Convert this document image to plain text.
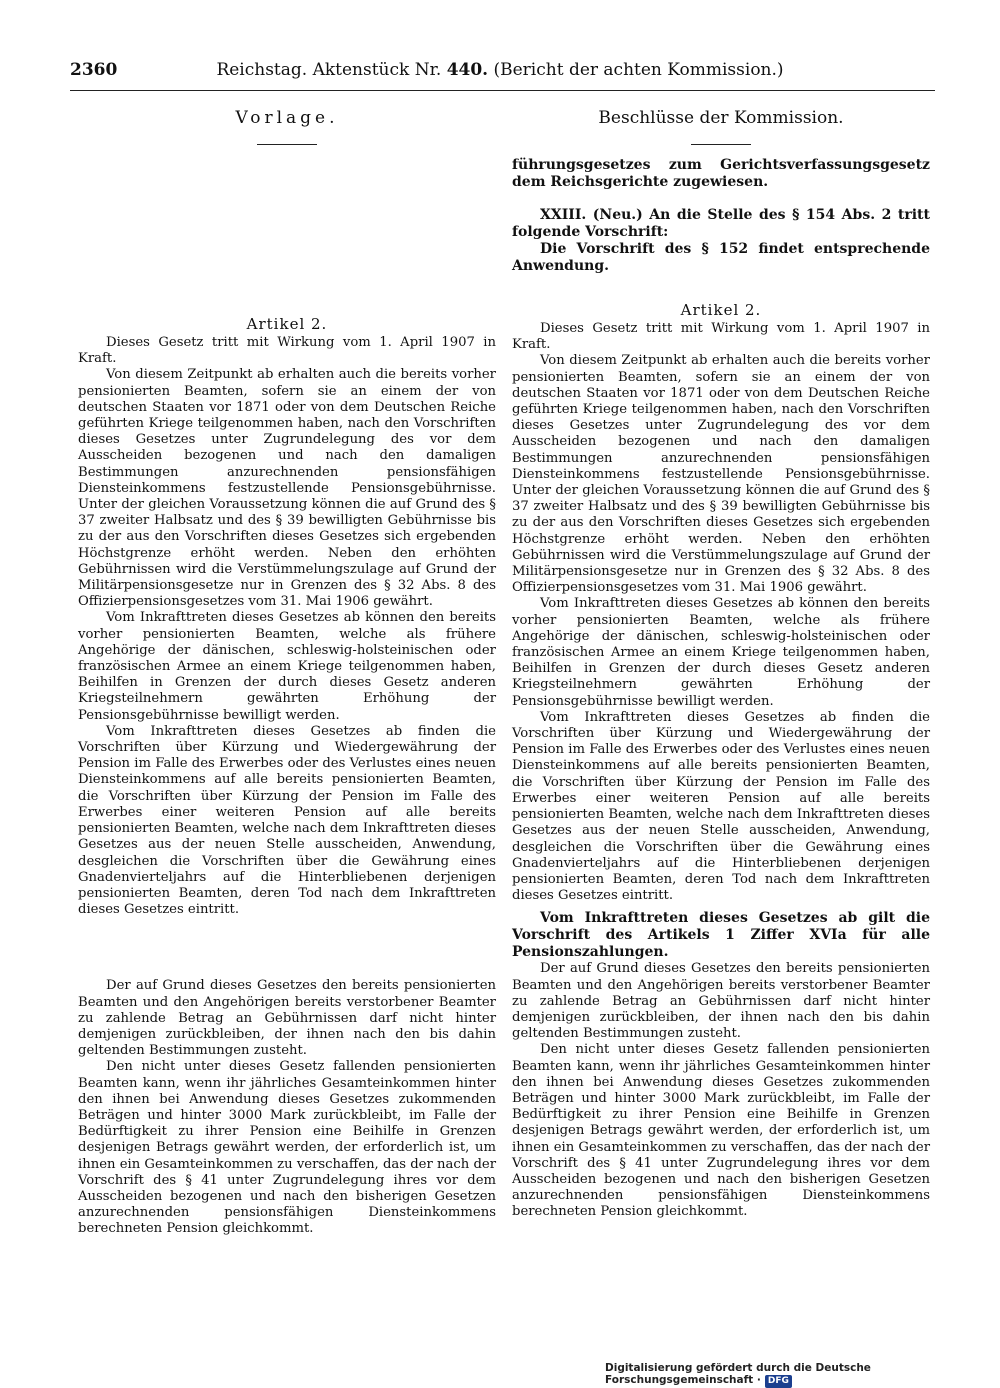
2360	Reichstag. Aktenstück Nr. 440. (Bericht der achten Kommission.)
Vorlage.
Artikel 2.

Dieses Gesetz tritt mit Wirkung vom 1. April 1907 in Kraft.

Von diesem Zeitpunkt ab erhalten auch die bereits vorher pensionierten Beamten, sofern sie an einem der von deutschen Staaten vor 1871 oder von dem Deutschen Reiche geführten Kriege teilgenommen haben, nach den Vorschriften dieses Gesetzes unter Zugrundelegung des vor dem Ausscheiden bezogenen und nach den damaligen Bestimmungen anzurechnenden pensionsfähigen Diensteinkommens festzustellende Pensionsgebührnisse. Unter der gleichen Voraussetzung können die auf Grund des § 37 zweiter Halbsatz und des § 39 bewilligten Gebührnisse bis zu der aus den Vorschriften dieses Gesetzes sich ergebenden Höchstgrenze erhöht werden. Neben den erhöhten Gebührnissen wird die Verstümmelungszulage auf Grund der Militärpensionsgesetze nur in Grenzen des § 32 Abs. 8 des Offizierpensionsgesetzes vom 31. Mai 1906 gewährt.

Vom Inkrafttreten dieses Gesetzes ab können den bereits vorher pensionierten Beamten, welche als frühere Angehörige der dänischen, schleswig-holsteinischen oder französischen Armee an einem Kriege teilgenommen haben, Beihilfen in Grenzen der durch dieses Gesetz anderen Kriegsteilnehmern gewährten Erhöhung der Pensionsgebührnisse bewilligt werden.

Vom Inkrafttreten dieses Gesetzes ab finden die Vorschriften über Kürzung und Wiedergewährung der Pension im Falle des Erwerbes oder des Verlustes eines neuen Diensteinkommens auf alle bereits pensionierten Beamten, die Vorschriften über Kürzung der Pension im Falle des Erwerbes einer weiteren Pension auf alle bereits pensionierten Beamten, welche nach dem Inkrafttreten dieses Gesetzes aus der neuen Stelle ausscheiden, Anwendung, desgleichen die Vorschriften über die Gewährung eines Gnadenvierteljahrs auf die Hinterbliebenen derjenigen pensionierten Beamten, deren Tod nach dem Inkrafttreten dieses Gesetzes eintritt.

Der auf Grund dieses Gesetzes den bereits pensionierten Beamten und den Angehörigen bereits verstorbener Beamter zu zahlende Betrag an Gebührnissen darf nicht hinter demjenigen zurückbleiben, der ihnen nach den bis dahin geltenden Bestimmungen zusteht.

Den nicht unter dieses Gesetz fallenden pensionierten Beamten kann, wenn ihr jährliches Gesamteinkommen hinter den ihnen bei Anwendung dieses Gesetzes zukommenden Beträgen und hinter 3000 Mark zurückbleibt, im Falle der Bedürftigkeit zu ihrer Pension eine Beihilfe in Grenzen desjenigen Betrags gewährt werden, der erforderlich ist, um ihnen ein Gesamteinkommen zu verschaffen, das der nach der Vorschrift des § 41 unter Zugrundelegung ihres vor dem Ausscheiden bezogenen und nach den bisherigen Gesetzen anzurechnenden pensionsfähigen Diensteinkommens berechneten Pension gleichkommt.

Beschlüsse der Kommission.

führungsgesetzes zum Gerichtsverfassungsgesetz dem Reichsgerichte zugewiesen.

XXIII. (Neu.) An die Stelle des § 154 Abs. 2 tritt folgende Vorschrift:

Die Vorschrift des § 152 findet entsprechende Anwendung.

Artikel 2.

Dieses Gesetz tritt mit Wirkung vom 1. April 1907 in Kraft.

Von diesem Zeitpunkt ab erhalten auch die bereits vorher pensionierten Beamten, sofern sie an einem der von deutschen Staaten vor 1871 oder von dem Deutschen Reiche geführten Kriege teilgenommen haben, nach den Vorschriften dieses Gesetzes unter Zugrundelegung des vor dem Ausscheiden bezogenen und nach den damaligen Bestimmungen anzurechnenden pensionsfähigen Diensteinkommens festzustellende Pensionsgebührnisse. Unter der gleichen Voraussetzung können die auf Grund des § 37 zweiter Halbsatz und des § 39 bewilligten Gebührnisse bis zu der aus den Vorschriften dieses Gesetzes sich ergebenden Höchstgrenze erhöht werden. Neben den erhöhten Gebührnissen wird die Verstümmelungszulage auf Grund der Militärpensionsgesetze nur in Grenzen des § 32 Abs. 8 des Offizierpensionsgesetzes vom 31. Mai 1906 gewährt.

Vom Inkrafttreten dieses Gesetzes ab können den bereits vorher pensionierten Beamten, welche als frühere Angehörige der dänischen, schleswig-holsteinischen oder französischen Armee an einem Kriege teilgenommen haben, Beihilfen in Grenzen der durch dieses Gesetz anderen Kriegsteilnehmern gewährten Erhöhung der Pensionsgebührnisse bewilligt werden.

Vom Inkrafttreten dieses Gesetzes ab finden die Vorschriften über Kürzung und Wiedergewährung der Pension im Falle des Erwerbes oder des Verlustes eines neuen Diensteinkommens auf alle bereits pensionierten Beamten, die Vorschriften über Kürzung der Pension im Falle des Erwerbes einer weiteren Pension auf alle bereits pensionierten Beamten, welche nach dem Inkrafttreten dieses Gesetzes aus der neuen Stelle ausscheiden, Anwendung, desgleichen die Vorschriften über die Gewährung eines Gnadenvierteljahrs auf die Hinterbliebenen derjenigen pensionierten Beamten, deren Tod nach dem Inkrafttreten dieses Gesetzes eintritt.

Vom Inkrafttreten dieses Gesetzes ab gilt die Vorschrift des Artikels 1 Ziffer XVIa für alle Pensionszahlungen.

Der auf Grund dieses Gesetzes den bereits pensionierten Beamten und den Angehörigen bereits verstorbener Beamter zu zahlende Betrag an Gebührnissen darf nicht hinter demjenigen zurückbleiben, der ihnen nach den bis dahin geltenden Bestimmungen zusteht.

Den nicht unter dieses Gesetz fallenden pensionierten Beamten kann, wenn ihr jährliches Gesamteinkommen hinter den ihnen bei Anwendung dieses Gesetzes zukommenden Beträgen und hinter 3000 Mark zurückbleibt, im Falle der Bedürftigkeit zu ihrer Pension eine Beihilfe in Grenzen desjenigen Betrags gewährt werden, der erforderlich ist, um ihnen ein Gesamteinkommen zu verschaffen, das der nach der Vorschrift des § 41 unter Zugrundelegung ihres vor dem Ausscheiden bezogenen und nach den bisherigen Gesetzen anzurechnenden pensionsfähigen Diensteinkommens berechneten Pension gleichkommt.

Digitalisierung gefördert durch die Deutsche Forschungsgemeinschaft · DFG
